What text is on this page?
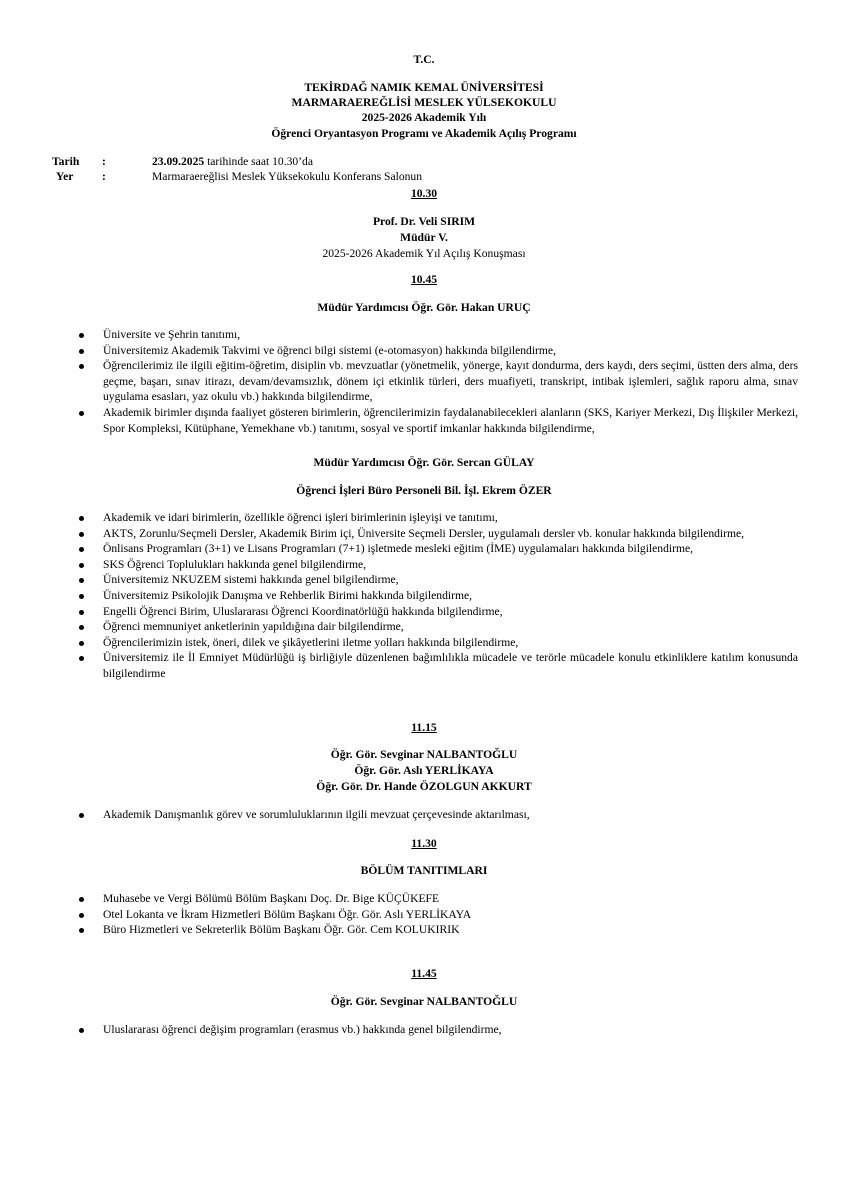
T.C.
TEKİRDAĞ NAMIK KEMAL ÜNİVERSİTESİ
MARMARAEREĞLİSİ MESLEK YÜLSEKOKULU
2025-2026 Akademik Yılı
Öğrenci Oryantasyon Programı ve Akademik Açılış Programı
Tarih :	23.09.2025 tarihinde saat 10.30’da
Yer :	Marmaraereğlisi Meslek Yüksekokulu Konferans Salonun
10.30
Prof. Dr. Veli SIRIM
Müdür V.
2025-2026 Akademik Yıl Açılış Konuşması
10.45
Müdür Yardımcısı Öğr. Gör. Hakan URUÇ
Üniversite ve Şehrin tanıtımı,
Üniversitemiz Akademik Takvimi ve öğrenci bilgi sistemi (e-otomasyon) hakkında bilgilendirme,
Öğrencilerimiz ile ilgili eğitim-öğretim, disiplin vb. mevzuatlar (yönetmelik, yönerge, kayıt dondurma, ders kaydı, ders seçimi, üstten ders alma, ders geçme, başarı, sınav itirazı, devam/devamsızlık, dönem içi etkinlik türleri, ders muafiyeti, transkript, intibak işlemleri, sağlık raporu alma, sınav uygulama esasları, yaz okulu vb.) hakkında bilgilendirme,
Akademik birimler dışında faaliyet gösteren birimlerin, öğrencilerimizin faydalanabilecekleri alanların (SKS, Kariyer Merkezi, Dış İlişkiler Merkezi, Spor Kompleksi, Kütüphane, Yemekhane vb.) tanıtımı, sosyal ve sportif imkanlar hakkında bilgilendirme,
Müdür Yardımcısı Öğr. Gör. Sercan GÜLAY
Öğrenci İşleri Büro Personeli Bil. İşl. Ekrem ÖZER
Akademik ve idari birimlerin, özellikle öğrenci işleri birimlerinin işleyişi ve tanıtımı,
AKTS, Zorunlu/Seçmeli Dersler, Akademik Birim içi, Üniversite Seçmeli Dersler, uygulamalı dersler vb. konular hakkında bilgilendirme,
Önlisans Programları (3+1) ve Lisans Programları (7+1) işletmede mesleki eğitim (İME) uygulamaları hakkında bilgilendirme,
SKS Öğrenci Toplulukları hakkında genel bilgilendirme,
Üniversitemiz NKUZEM sistemi hakkında genel bilgilendirme,
Üniversitemiz Psikolojik Danışma ve Rehberlik Birimi hakkında bilgilendirme,
Engelli Öğrenci Birim, Uluslararası Öğrenci Koordinatörlüğü hakkında bilgilendirme,
Öğrenci memnuniyet anketlerinin yapıldığına dair bilgilendirme,
Öğrencilerimizin istek, öneri, dilek ve şikâyetlerini iletme yolları hakkında bilgilendirme,
Üniversitemiz ile İl Emniyet Müdürlüğü iş birliğiyle düzenlenen bağımlılıkla mücadele ve terörle mücadele konulu etkinliklere katılım konusunda bilgilendirme
11.15
Öğr. Gör. Sevginar NALBANTOĞLU
Öğr. Gör. Aslı YERLİKAYA
Öğr. Gör. Dr. Hande ÖZOLGUN AKKURT
Akademik Danışmanlık görev ve sorumluluklarının ilgili mevzuat çerçevesinde aktarılması,
11.30
BÖLÜM TANITIMLARI
Muhasebe ve Vergi Bölümü Bölüm Başkanı Doç. Dr. Bige KÜÇÜKEFE
Otel Lokanta ve İkram Hizmetleri Bölüm Başkanı Öğr. Gör. Aslı YERLİKAYA
Büro Hizmetleri ve Sekreterlik Bölüm Başkanı Öğr. Gör. Cem KOLUKIRIK
11.45
Öğr. Gör. Sevginar NALBANTOĞLU
Uluslararası öğrenci değişim programları (erasmus vb.) hakkında genel bilgilendirme,
